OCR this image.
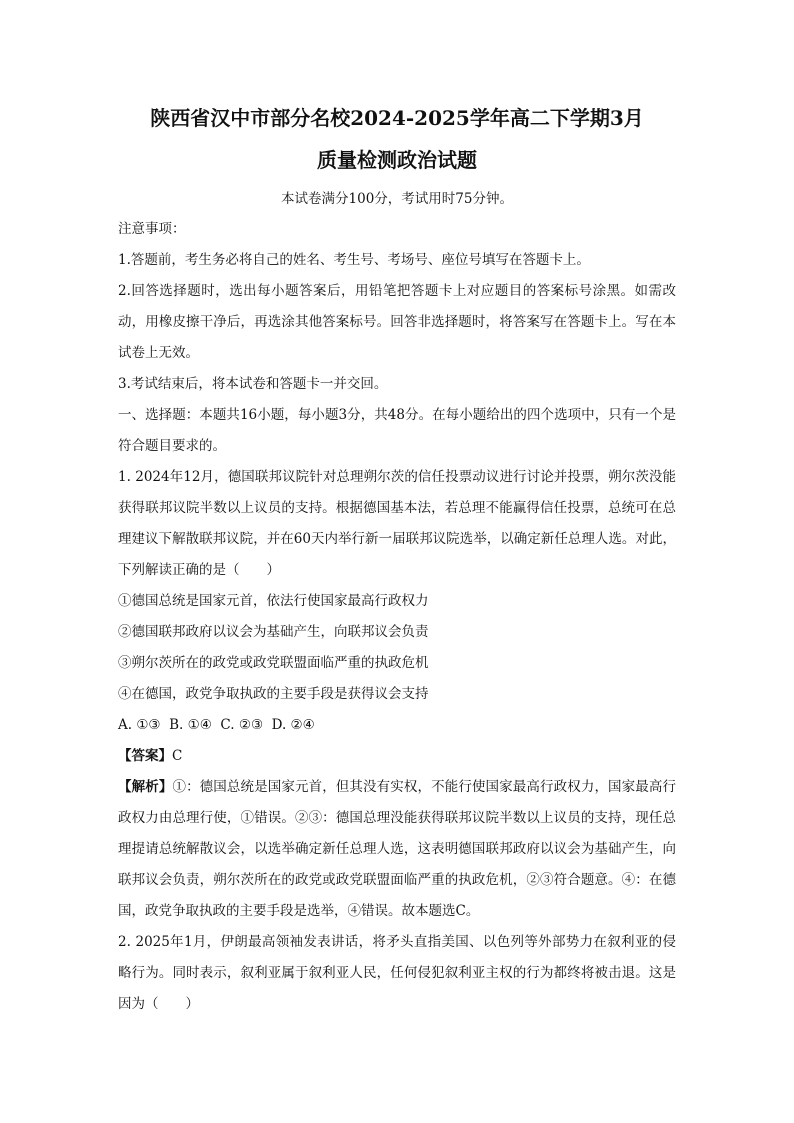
陕西省汉中市部分名校2024-2025学年高二下学期3月
质量检测政治试题

本试卷满分100分，考试用时75分钟。

注意事项：

1.答题前，考生务必将自己的姓名、考生号、考场号、座位号填写在答题卡上。

2.回答选择题时，选出每小题答案后，用铅笔把答题卡上对应题目的答案标号涂黑。如需改动，用橡皮擦干净后，再选涂其他答案标号。回答非选择题时，将答案写在答题卡上。写在本试卷上无效。

3.考试结束后，将本试卷和答题卡一并交回。

一、选择题：本题共16小题，每小题3分，共48分。在每小题给出的四个选项中，只有一个是符合题目要求的。

1. 2024年12月，德国联邦议院针对总理朔尔茨的信任投票动议进行讨论并投票，朔尔茨没能获得联邦议院半数以上议员的支持。根据德国基本法，若总理不能赢得信任投票，总统可在总理建议下解散联邦议院，并在60天内举行新一届联邦议院选举，以确定新任总理人选。对此，下列解读正确的是（　　）

①德国总统是国家元首，依法行使国家最高行政权力

②德国联邦政府以议会为基础产生，向联邦议会负责

③朔尔茨所在的政党或政党联盟面临严重的执政危机

④在德国，政党争取执政的主要手段是获得议会支持

A. ①③  B. ①④  C. ②③  D. ②④

【答案】C

【解析】①：德国总统是国家元首，但其没有实权，不能行使国家最高行政权力，国家最高行政权力由总理行使，①错误。②③：德国总理没能获得联邦议院半数以上议员的支持，现任总理提请总统解散议会，以选举确定新任总理人选，这表明德国联邦政府以议会为基础产生，向联邦议会负责，朔尔茨所在的政党或政党联盟面临严重的执政危机，②③符合题意。④：在德国，政党争取执政的主要手段是选举，④错误。故本题选C。

2. 2025年1月，伊朗最高领袖发表讲话，将矛头直指美国、以色列等外部势力在叙利亚的侵略行为。同时表示，叙利亚属于叙利亚人民，任何侵犯叙利亚主权的行为都终将被击退。这是因为（　　）
